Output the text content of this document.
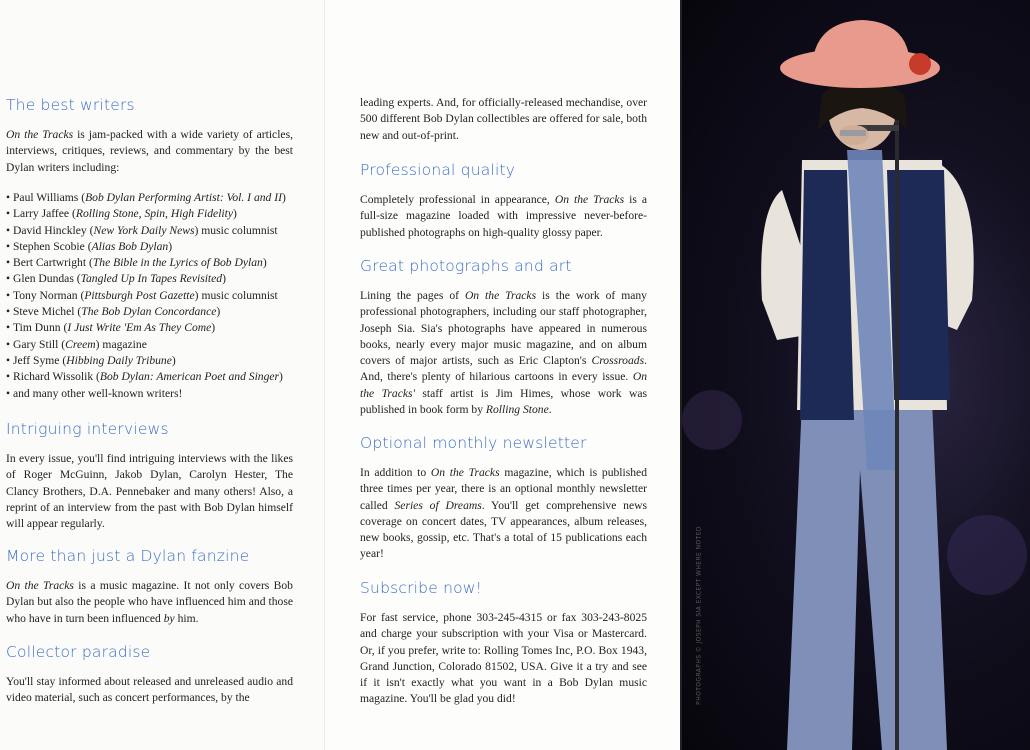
The best writers

On the Tracks is jam-packed with a wide variety of articles, interviews, critiques, reviews, and commentary by the best Dylan writers including:

• Paul Williams (Bob Dylan Performing Artist: Vol. I and II)
• Larry Jaffee (Rolling Stone, Spin, High Fidelity)
• David Hinckley (New York Daily News) music columnist
• Stephen Scobie (Alias Bob Dylan)
• Bert Cartwright (The Bible in the Lyrics of Bob Dylan)
• Glen Dundas (Tangled Up In Tapes Revisited)
• Tony Norman (Pittsburgh Post Gazette) music columnist
• Steve Michel (The Bob Dylan Concordance)
• Tim Dunn (I Just Write 'Em As They Come)
• Gary Still (Creem) magazine
• Jeff Syme (Hibbing Daily Tribune)
• Richard Wissolik (Bob Dylan: American Poet and Singer)
• and many other well-known writers!
Intriguing interviews

In every issue, you'll find intriguing interviews with the likes of Roger McGuinn, Jakob Dylan, Carolyn Hester, The Clancy Brothers, D.A. Pennebaker and many others! Also, a reprint of an interview from the past with Bob Dylan himself will appear regularly.

More than just a Dylan fanzine

On the Tracks is a music magazine. It not only covers Bob Dylan but also the people who have influenced him and those who have in turn been influenced by him.

Collector paradise

You'll stay informed about released and unreleased audio and video material, such as concert performances, by the

leading experts. And, for officially-released mechandise, over 500 different Bob Dylan collectibles are offered for sale, both new and out-of-print.

Professional quality

Completely professional in appearance, On the Tracks is a full-size magazine loaded with impressive never-before-published photographs on high-quality glossy paper.

Great photographs and art

Lining the pages of On the Tracks is the work of many professional photographers, including our staff photographer, Joseph Sia. Sia's photographs have appeared in numerous books, nearly every major music magazine, and on album covers of major artists, such as Eric Clapton's Crossroads. And, there's plenty of hilarious cartoons in every issue. On the Tracks' staff artist is Jim Himes, whose work was published in book form by Rolling Stone.

Optional monthly newsletter

In addition to On the Tracks magazine, which is published three times per year, there is an optional monthly newsletter called Series of Dreams. You'll get comprehensive news coverage on concert dates, TV appearances, album releases, new books, gossip, etc. That's a total of 15 publications each year!

Subscribe now!

For fast service, phone 303-245-4315 or fax 303-243-8025 and charge your subscription with your Visa or Mastercard. Or, if you prefer, write to: Rolling Tomes Inc, P.O. Box 1943, Grand Junction, Colorado 81502, USA. Give it a try and see if it isn't exactly what you want in a Bob Dylan music magazine. You'll be glad you did!	PHOTOGRAPHS © JOSEPH SIA EXCEPT WHERE NOTED
